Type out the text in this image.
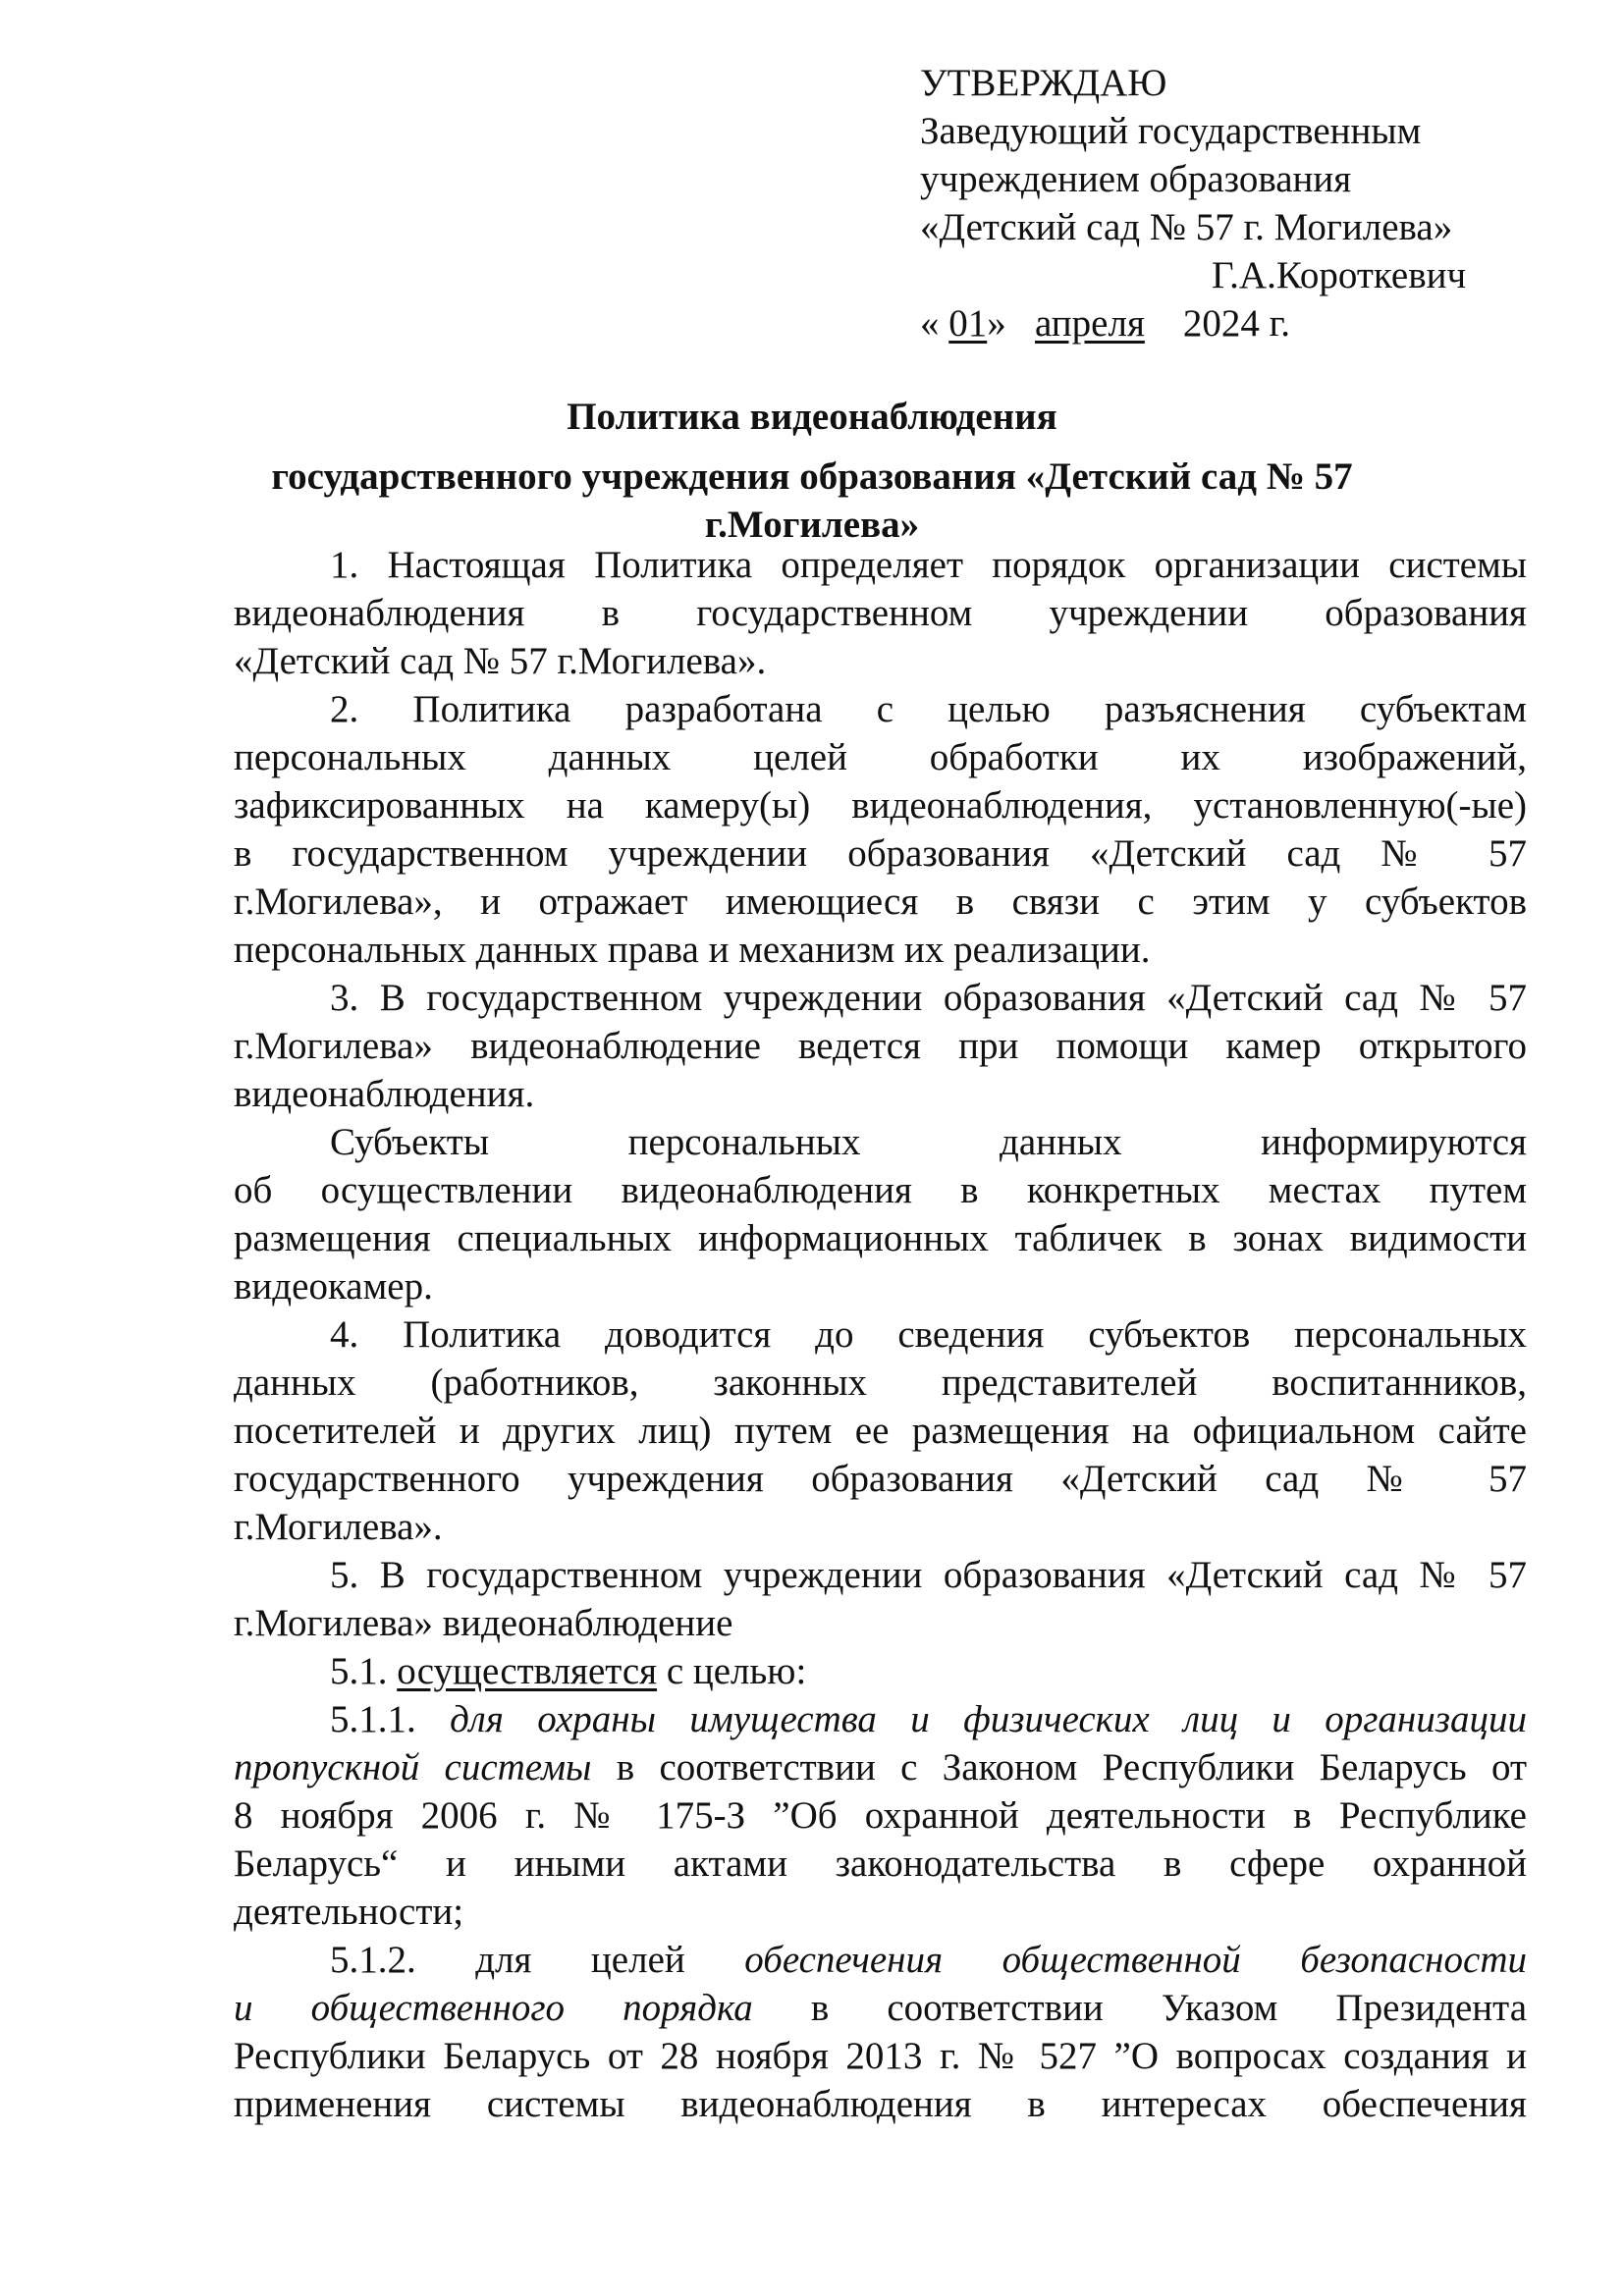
УТВЕРЖДАЮ
Заведующий государственным
учреждением образования
«Детский сад № 57 г. Могилева»
Г.А.Короткевич
« 01» апреля 2024 г.
Политика видеонаблюдения
государственного учреждения образования «Детский сад № 57 г.Могилева»
1. Настоящая Политика определяет порядок организации системы
видеонаблюдения в государственном учреждении образования
«Детский сад № 57 г.Могилева».
2. Политика разработана с целью разъяснения субъектам
персональных данных целей обработки их изображений,
зафиксированных на камеру(ы) видеонаблюдения, установленную(-ые)
в государственном учреждении образования «Детский сад № 57
г.Могилева», и отражает имеющиеся в связи с этим у субъектов
персональных данных права и механизм их реализации.
3. В государственном учреждении образования «Детский сад № 57
г.Могилева» видеонаблюдение ведется при помощи камер открытого
видеонаблюдения.
Субъекты персональных данных информируются
об осуществлении видеонаблюдения в конкретных местах путем
размещения специальных информационных табличек в зонах видимости
видеокамер.
4. Политика доводится до сведения субъектов персональных
данных (работников, законных представителей воспитанников,
посетителей и других лиц) путем ее размещения на официальном сайте
государственного учреждения образования «Детский сад № 57
г.Могилева».
5. В государственном учреждении образования «Детский сад № 57
г.Могилева» видеонаблюдение
5.1. осуществляется с целью:
5.1.1. для охраны имущества и физических лиц и организации
пропускной системы в соответствии с Законом Республики Беларусь от
8 ноября 2006 г. № 175-З ”Об охранной деятельности в Республике
Беларусь“ и иными актами законодательства в сфере охранной
деятельности;
5.1.2. для целей обеспечения общественной безопасности
и общественного порядка в соответствии Указом Президента
Республики Беларусь от 28 ноября 2013 г. № 527 ”О вопросах создания и
применения системы видеонаблюдения в интересах обеспечения
